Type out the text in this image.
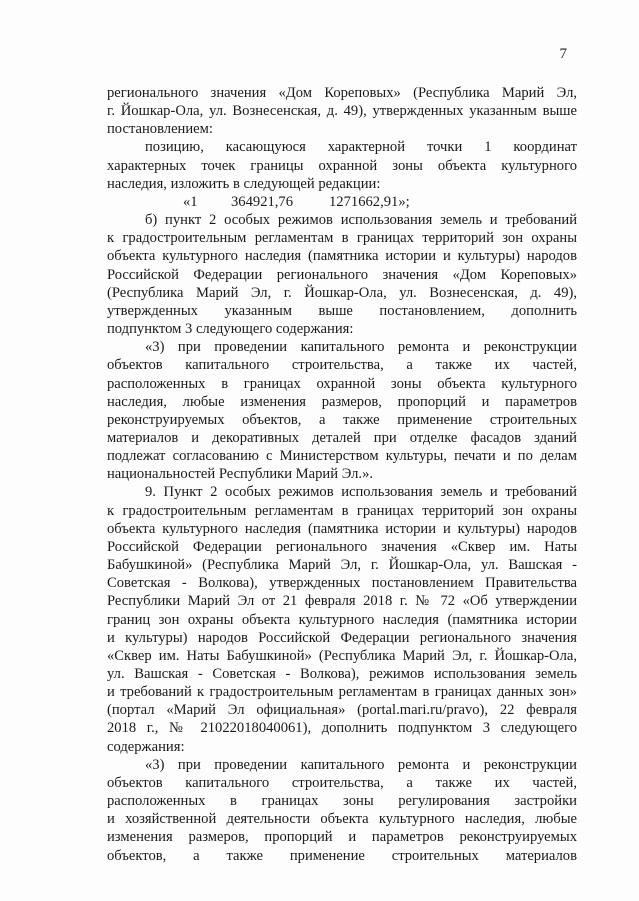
7

регионального значения «Дом Кореповых» (Республика Марий Эл,

г. Йошкар-Ола, ул. Вознесенская, д. 49), утвержденных указанным выше

постановлением:

позицию, касающуюся характерной точки 1 координат

характерных точек границы охранной зоны объекта культурного

наследия, изложить в следующей редакции:

«1 364921,76 1271662,91»;

б) пункт 2 особых режимов использования земель и требований

к градостроительным регламентам в границах территорий зон охраны

объекта культурного наследия (памятника истории и культуры) народов

Российской Федерации регионального значения «Дом Кореповых»

(Республика Марий Эл, г. Йошкар-Ола, ул. Вознесенская, д. 49),

утвержденных указанным выше постановлением, дополнить

подпунктом 3 следующего содержания:

«3) при проведении капитального ремонта и реконструкции

объектов капитального строительства, а также их частей,

расположенных в границах охранной зоны объекта культурного

наследия, любые изменения размеров, пропорций и параметров

реконструируемых объектов, а также применение строительных

материалов и декоративных деталей при отделке фасадов зданий

подлежат согласованию с Министерством культуры, печати и по делам

национальностей Республики Марий Эл.».

9. Пункт 2 особых режимов использования земель и требований

к градостроительным регламентам в границах территорий зон охраны

объекта культурного наследия (памятника истории и культуры) народов

Российской Федерации регионального значения «Сквер им. Наты

Бабушкиной» (Республика Марий Эл, г. Йошкар-Ола, ул. Вашская -

Советская - Волкова), утвержденных постановлением Правительства

Республики Марий Эл от 21 февраля 2018 г. № 72 «Об утверждении

границ зон охраны объекта культурного наследия (памятника истории

и культуры) народов Российской Федерации регионального значения

«Сквер им. Наты Бабушкиной» (Республика Марий Эл, г. Йошкар-Ола,

ул. Вашская - Советская - Волкова), режимов использования земель

и требований к градостроительным регламентам в границах данных зон»

(портал «Марий Эл официальная» (portal.mari.ru/pravo), 22 февраля

2018 г., № 21022018040061), дополнить подпунктом 3 следующего

содержания:

«3) при проведении капитального ремонта и реконструкции

объектов капитального строительства, а также их частей,

расположенных в границах зоны регулирования застройки

и хозяйственной деятельности объекта культурного наследия, любые

изменения размеров, пропорций и параметров реконструируемых

объектов, а также применение строительных материалов
